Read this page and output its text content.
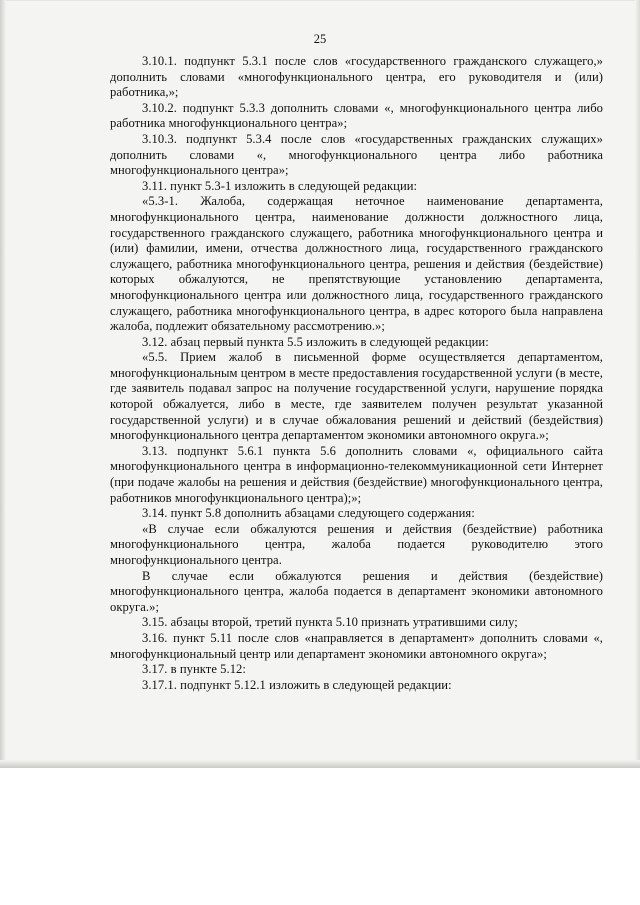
25

3.10.1. подпункт 5.3.1 после слов «государственного гражданского служащего,» дополнить словами «многофункционального центра, его руководителя и (или) работника,»;

3.10.2. подпункт 5.3.3 дополнить словами «, многофункционального центра либо работника многофункционального центра»;

3.10.3. подпункт 5.3.4 после слов «государственных гражданских служащих» дополнить словами «, многофункционального центра либо работника многофункционального центра»;

3.11. пункт 5.3-1 изложить в следующей редакции:

«5.3-1. Жалоба, содержащая неточное наименование департамента, многофункционального центра, наименование должности должностного лица, государственного гражданского служащего, работника многофункционального центра и (или) фамилии, имени, отчества должностного лица, государственного гражданского служащего, работника многофункционального центра, решения и действия (бездействие) которых обжалуются, не препятствующие установлению департамента, многофункционального центра или должностного лица, государственного гражданского служащего, работника многофункционального центра, в адрес которого была направлена жалоба, подлежит обязательному рассмотрению.»;

3.12. абзац первый пункта 5.5 изложить в следующей редакции:

«5.5. Прием жалоб в письменной форме осуществляется департаментом, многофункциональным центром в месте предоставления государственной услуги (в месте, где заявитель подавал запрос на получение государственной услуги, нарушение порядка которой обжалуется, либо в месте, где заявителем получен результат указанной государственной услуги) и в случае обжалования решений и действий (бездействия) многофункционального центра департаментом экономики автономного округа.»;

3.13. подпункт 5.6.1 пункта 5.6 дополнить словами «, официального сайта многофункционального центра в информационно-телекоммуникационной сети Интернет (при подаче жалобы на решения и действия (бездействие) многофункционального центра, работников многофункционального центра);»;

3.14. пункт 5.8 дополнить абзацами следующего содержания:

«В случае если обжалуются решения и действия (бездействие) работника многофункционального центра, жалоба подается руководителю этого многофункционального центра.

В случае если обжалуются решения и действия (бездействие) многофункционального центра, жалоба подается в департамент экономики автономного округа.»;

3.15. абзацы второй, третий пункта 5.10 признать утратившими силу;

3.16. пункт 5.11 после слов «направляется в департамент» дополнить словами «, многофункциональный центр или департамент экономики автономного округа»;

3.17. в пункте 5.12:

3.17.1. подпункт 5.12.1 изложить в следующей редакции:
